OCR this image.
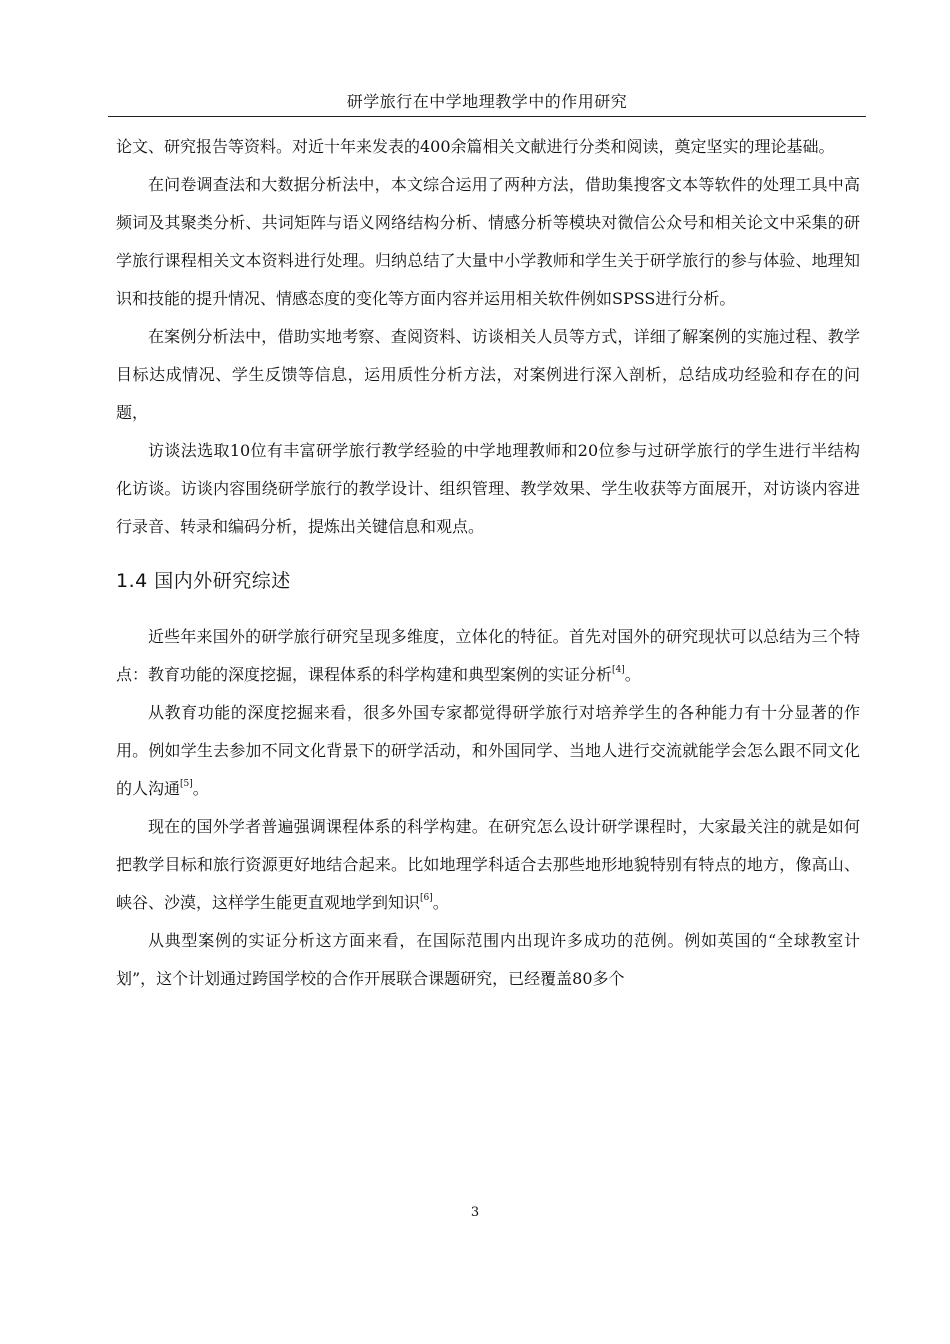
研学旅行在中学地理教学中的作用研究

论文、研究报告等资料。对近十年来发表的400余篇相关文献进行分类和阅读，奠定坚实的理论基础。

在问卷调查法和大数据分析法中，本文综合运用了两种方法，借助集搜客文本等软件的处理工具中高频词及其聚类分析、共词矩阵与语义网络结构分析、情感分析等模块对微信公众号和相关论文中采集的研学旅行课程相关文本资料进行处理。归纳总结了大量中小学教师和学生关于研学旅行的参与体验、地理知识和技能的提升情况、情感态度的变化等方面内容并运用相关软件例如SPSS进行分析。

在案例分析法中，借助实地考察、查阅资料、访谈相关人员等方式，详细了解案例的实施过程、教学目标达成情况、学生反馈等信息，运用质性分析方法，对案例进行深入剖析，总结成功经验和存在的问题，

访谈法选取10位有丰富研学旅行教学经验的中学地理教师和20位参与过研学旅行的学生进行半结构化访谈。访谈内容围绕研学旅行的教学设计、组织管理、教学效果、学生收获等方面展开，对访谈内容进行录音、转录和编码分析，提炼出关键信息和观点。

1.4 国内外研究综述

近些年来国外的研学旅行研究呈现多维度，立体化的特征。首先对国外的研究现状可以总结为三个特点：教育功能的深度挖掘，课程体系的科学构建和典型案例的实证分析[4]。

从教育功能的深度挖掘来看，很多外国专家都觉得研学旅行对培养学生的各种能力有十分显著的作用。例如学生去参加不同文化背景下的研学活动，和外国同学、当地人进行交流就能学会怎么跟不同文化的人沟通[5]。

现在的国外学者普遍强调课程体系的科学构建。在研究怎么设计研学课程时，大家最关注的就是如何把教学目标和旅行资源更好地结合起来。比如地理学科适合去那些地形地貌特别有特点的地方，像高山、峡谷、沙漠，这样学生能更直观地学到知识[6]。

从典型案例的实证分析这方面来看，在国际范围内出现许多成功的范例。例如英国的“全球教室计划”，这个计划通过跨国学校的合作开展联合课题研究，已经覆盖80多个

3
